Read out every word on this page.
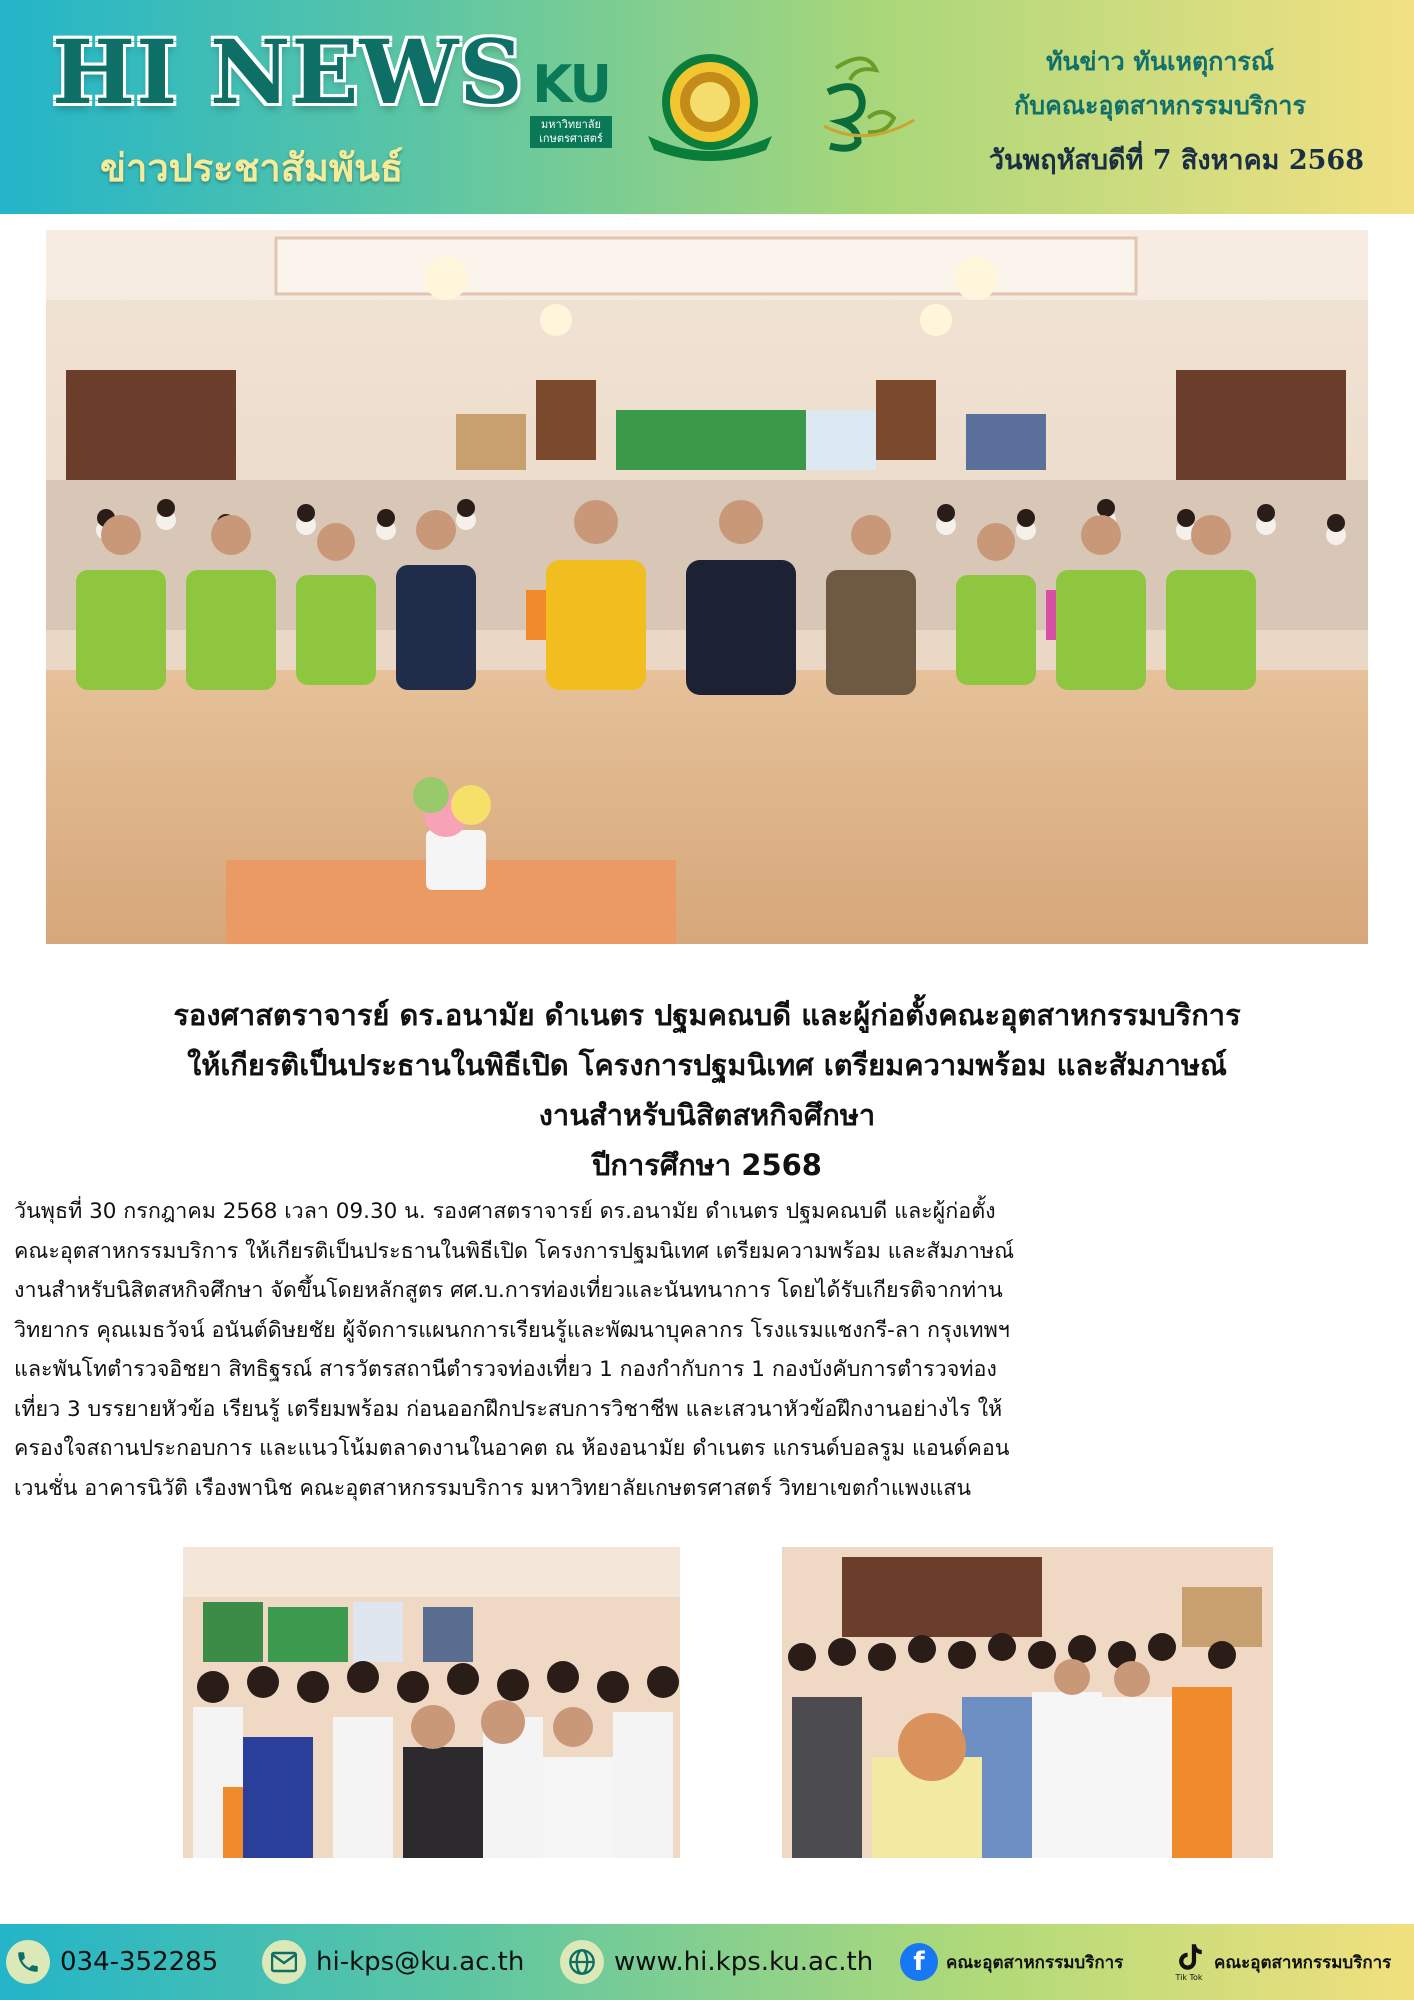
HI NEWS
ข่าวประชาสัมพันธ์
KU
มหาวิทยาลัย
เกษตรศาสตร์
ทันข่าว ทันเหตุการณ์
กับคณะอุตสาหกรรมบริการ
วันพฤหัสบดีที่ 7 สิงหาคม 2568
รองศาสตราจารย์ ดร.อนามัย ดำเนตร ปฐมคณบดี และผู้ก่อตั้งคณะอุตสาหกรรมบริการ
ให้เกียรติเป็นประธานในพิธีเปิด โครงการปฐมนิเทศ เตรียมความพร้อม และสัมภาษณ์
งานสำหรับนิสิตสหกิจศึกษา
ปีการศึกษา 2568
วันพุธที่ 30 กรกฎาคม 2568 เวลา 09.30 น. รองศาสตราจารย์ ดร.อนามัย ดำเนตร ปฐมคณบดี และผู้ก่อตั้ง
คณะอุตสาหกรรมบริการ ให้เกียรติเป็นประธานในพิธีเปิด โครงการปฐมนิเทศ เตรียมความพร้อม และสัมภาษณ์
งานสำหรับนิสิตสหกิจศึกษา จัดขึ้นโดยหลักสูตร ศศ.บ.การท่องเที่ยวและนันทนาการ โดยได้รับเกียรติจากท่าน
วิทยากร คุณเมธวัจน์ อนันต์ดิษยชัย ผู้จัดการแผนกการเรียนรู้และพัฒนาบุคลากร โรงแรมแชงกรี-ลา กรุงเทพฯ
และพันโทตำรวจอิชยา สิทธิฐรณ์ สารวัตรสถานีตำรวจท่องเที่ยว 1 กองกำกับการ 1 กองบังคับการตำรวจท่อง
เที่ยว 3 บรรยายหัวข้อ เรียนรู้ เตรียมพร้อม ก่อนออกฝึกประสบการวิชาชีพ และเสวนาหัวข้อฝึกงานอย่างไร ให้
ครองใจสถานประกอบการ และแนวโน้มตลาดงานในอาคต ณ ห้องอนามัย ดำเนตร แกรนด์บอลรูม แอนด์คอน
เวนชั่น อาคารนิวัติ เรืองพานิช คณะอุตสาหกรรมบริการ มหาวิทยาลัยเกษตรศาสตร์ วิทยาเขตกำแพงแสน
034-352285	hi-kps@ku.ac.th	www.hi.kps.ku.ac.th	f	คณะอุตสาหกรรมบริการ
Tik Tok
คณะอุตสาหกรรมบริการ
